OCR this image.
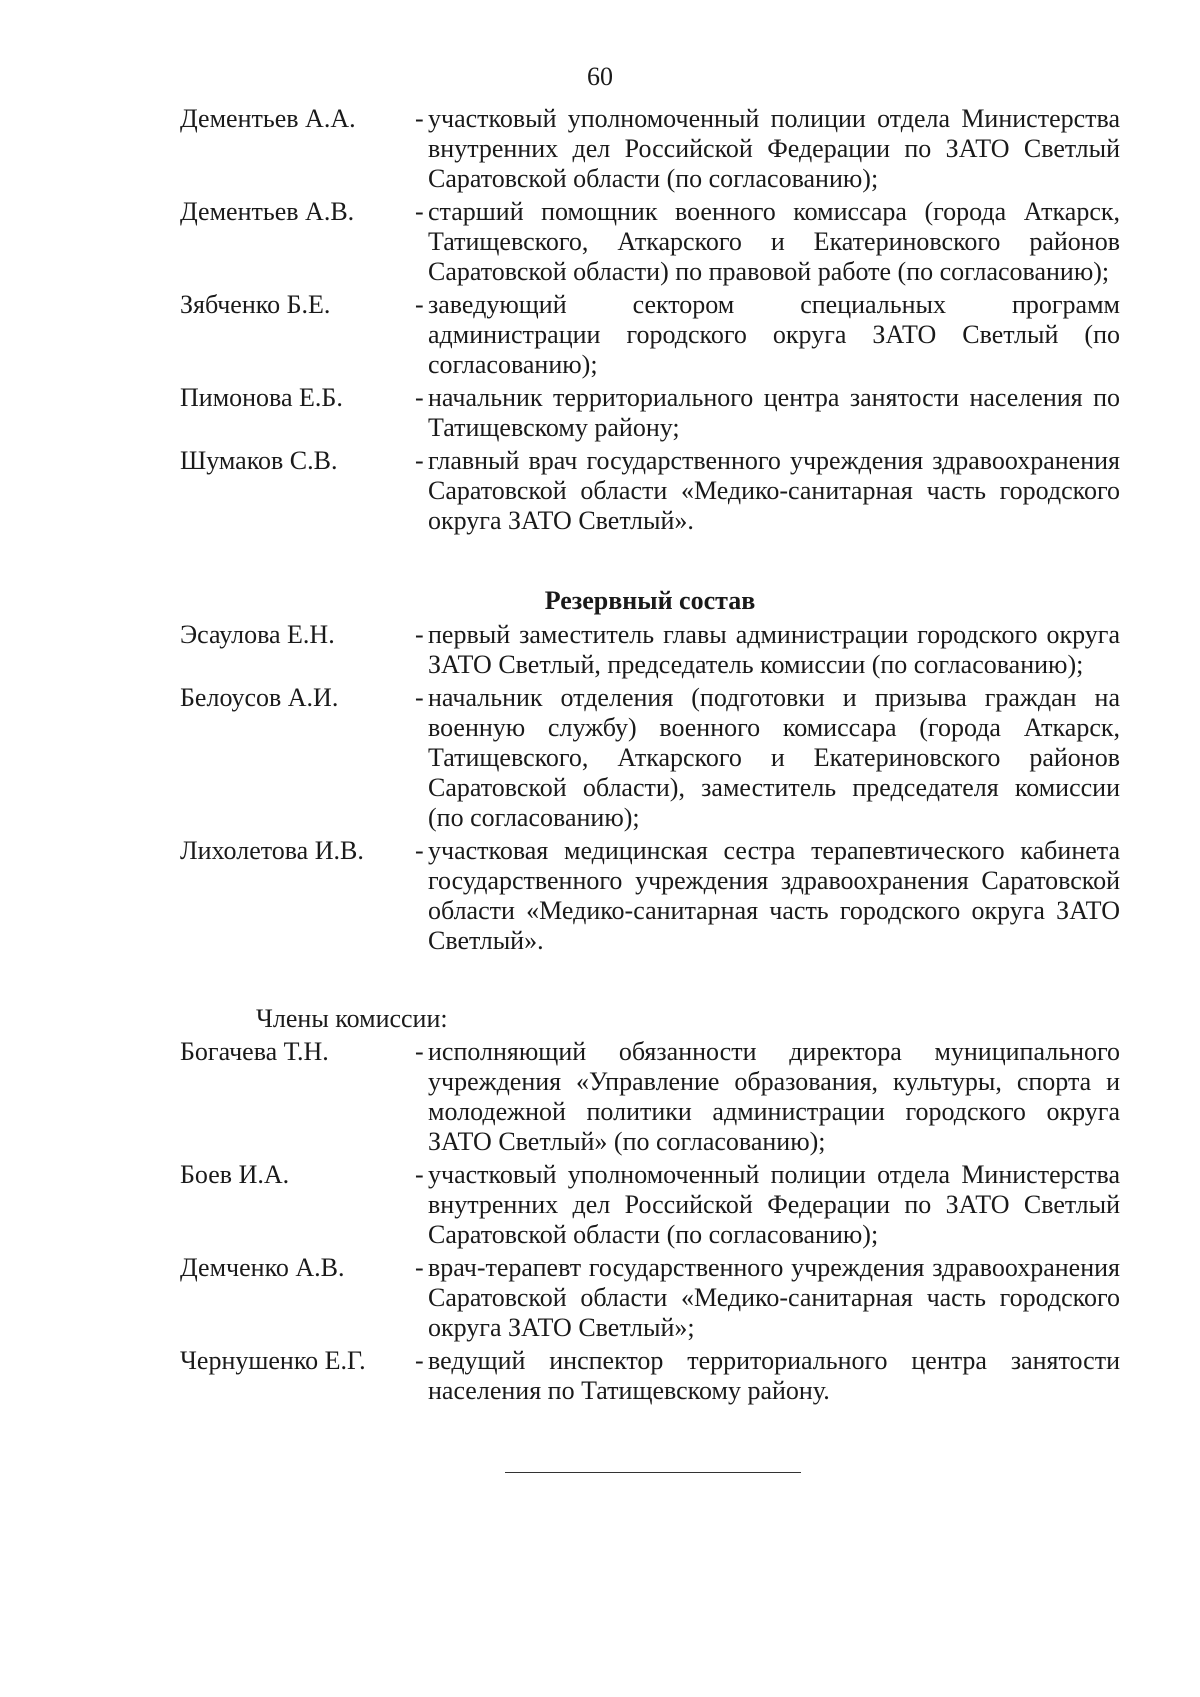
60
Дементьев А.А.	- участковый уполномоченный полиции отдела Министерства внутренних дел Российской Федерации по ЗАТО Светлый Саратовской области (по согласованию);
Дементьев А.В.	- старший помощник военного комиссара (города Аткарск, Татищевского, Аткарского и Екатериновского районов Саратовской области) по правовой работе (по согласованию);
Зябченко Б.Е.	- заведующий сектором специальных программ администрации городского округа ЗАТО Светлый (по согласованию);
Пимонова Е.Б.	- начальник территориального центра занятости населения по Татищевскому району;
Шумаков С.В.	- главный врач государственного учреждения здравоохранения Саратовской области «Медико-санитарная часть городского округа ЗАТО Светлый».
Резервный состав
Эсаулова Е.Н.	- первый заместитель главы администрации городского округа ЗАТО Светлый, председатель комиссии (по согласованию);
Белоусов А.И.	- начальник отделения (подготовки и призыва граждан на военную службу) военного комиссара (города Аткарск, Татищевского, Аткарского и Екатериновского районов Саратовской области), заместитель председателя комиссии (по согласованию);
Лихолетова И.В.	- участковая медицинская сестра терапевтического кабинета государственного учреждения здравоохранения Саратовской области «Медико-санитарная часть городского округа ЗАТО Светлый».
Члены комиссии:
Богачева Т.Н.	- исполняющий обязанности директора муниципального учреждения «Управление образования, культуры, спорта и молодежной политики администрации городского округа ЗАТО Светлый» (по согласованию);
Боев И.А.	- участковый уполномоченный полиции отдела Министерства внутренних дел Российской Федерации по ЗАТО Светлый Саратовской области (по согласованию);
Демченко А.В.	- врач-терапевт государственного учреждения здравоохранения Саратовской области «Медико-санитарная часть городского округа ЗАТО Светлый»;
Чернушенко Е.Г.	- ведущий инспектор территориального центра занятости населения по Татищевскому району.
